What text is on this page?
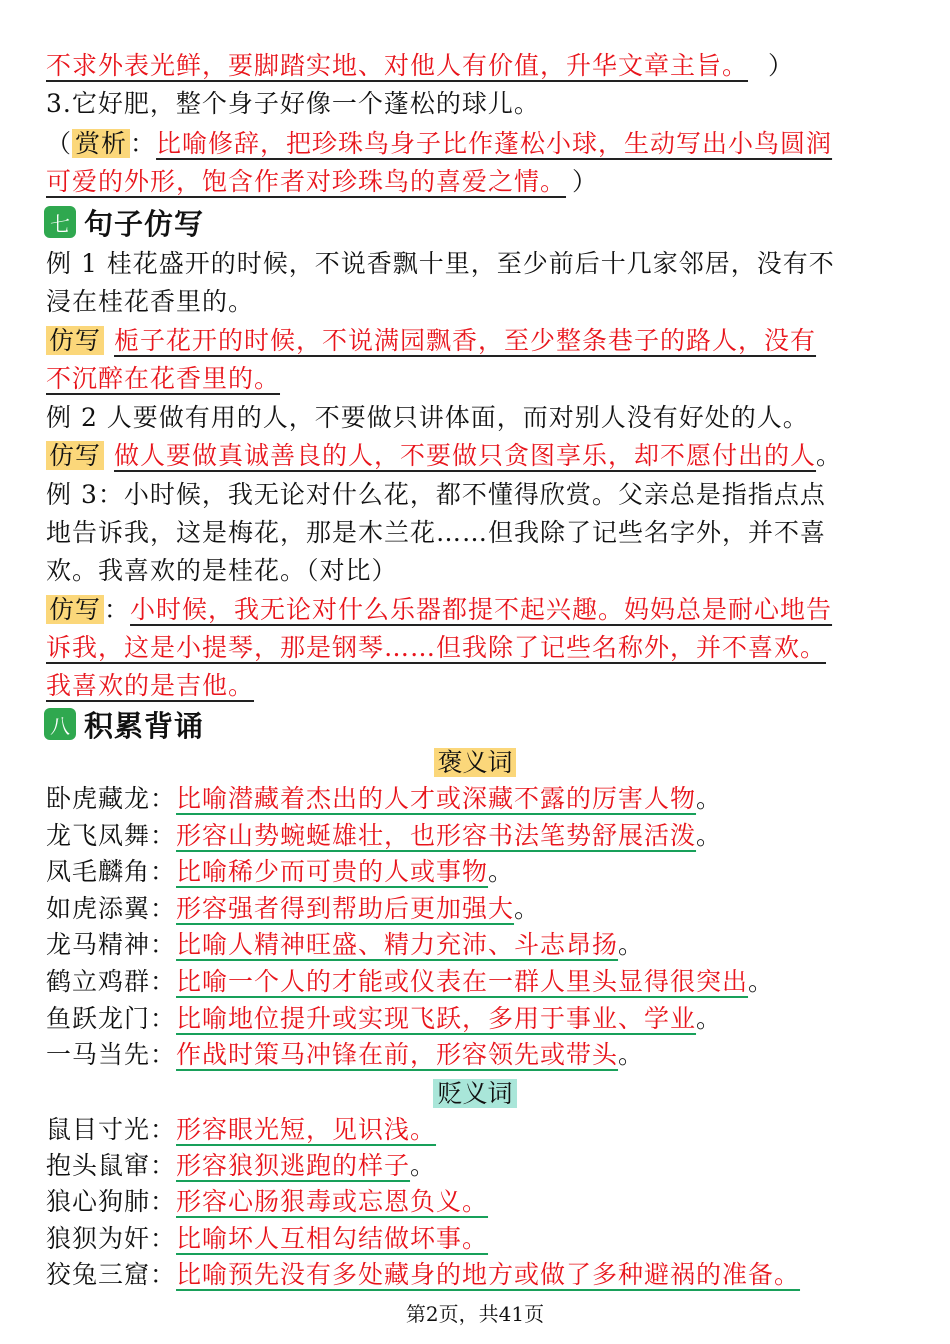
不求外表光鲜，要脚踏实地、对他人有价值，升华文章主旨。 ）
3.它好肥，整个身子好像一个蓬松的球儿。
（ 赏析 ：比喻修辞，把珍珠鸟身子比作蓬松小球，生动写出小鸟圆润
可爱的外形，饱含作者对珍珠鸟的喜爱之情。 ）
七 句子仿写
例 1 桂花盛开的时候，不说香飘十里，至少前后十几家邻居，没有不
浸在桂花香里的。
仿写 栀子花开的时候，不说满园飘香，至少整条巷子的路人，没有
不沉醉在花香里的。
例 2 人要做有用的人，不要做只讲体面，而对别人没有好处的人。
仿写 做人要做真诚善良的人，不要做只贪图享乐，却不愿付出的人。
例 3：小时候，我无论对什么花，都不懂得欣赏。父亲总是指指点点
地告诉我，这是梅花，那是木兰花……但我除了记些名字外，并不喜
欢。我喜欢的是桂花。（对比）
仿写 ：小时候，我无论对什么乐器都提不起兴趣。妈妈总是耐心地告
诉我，这是小提琴，那是钢琴……但我除了记些名称外，并不喜欢。
我喜欢的是吉他。
八 积累背诵
褒义词
卧虎藏龙：比喻潜藏着杰出的人才或深藏不露的厉害人物。
龙飞凤舞：形容山势蜿蜒雄壮，也形容书法笔势舒展活泼。
凤毛麟角：比喻稀少而可贵的人或事物。
如虎添翼：形容强者得到帮助后更加强大。
龙马精神：比喻人精神旺盛、精力充沛、斗志昂扬。
鹤立鸡群：比喻一个人的才能或仪表在一群人里头显得很突出。
鱼跃龙门：比喻地位提升或实现飞跃，多用于事业、学业。
一马当先：作战时策马冲锋在前，形容领先或带头。
贬义词
鼠目寸光：形容眼光短，见识浅。
抱头鼠窜：形容狼狈逃跑的样子。
狼心狗肺：形容心肠狠毒或忘恩负义。
狼狈为奸：比喻坏人互相勾结做坏事。
狡兔三窟：比喻预先没有多处藏身的地方或做了多种避祸的准备。
第2页，共41页
